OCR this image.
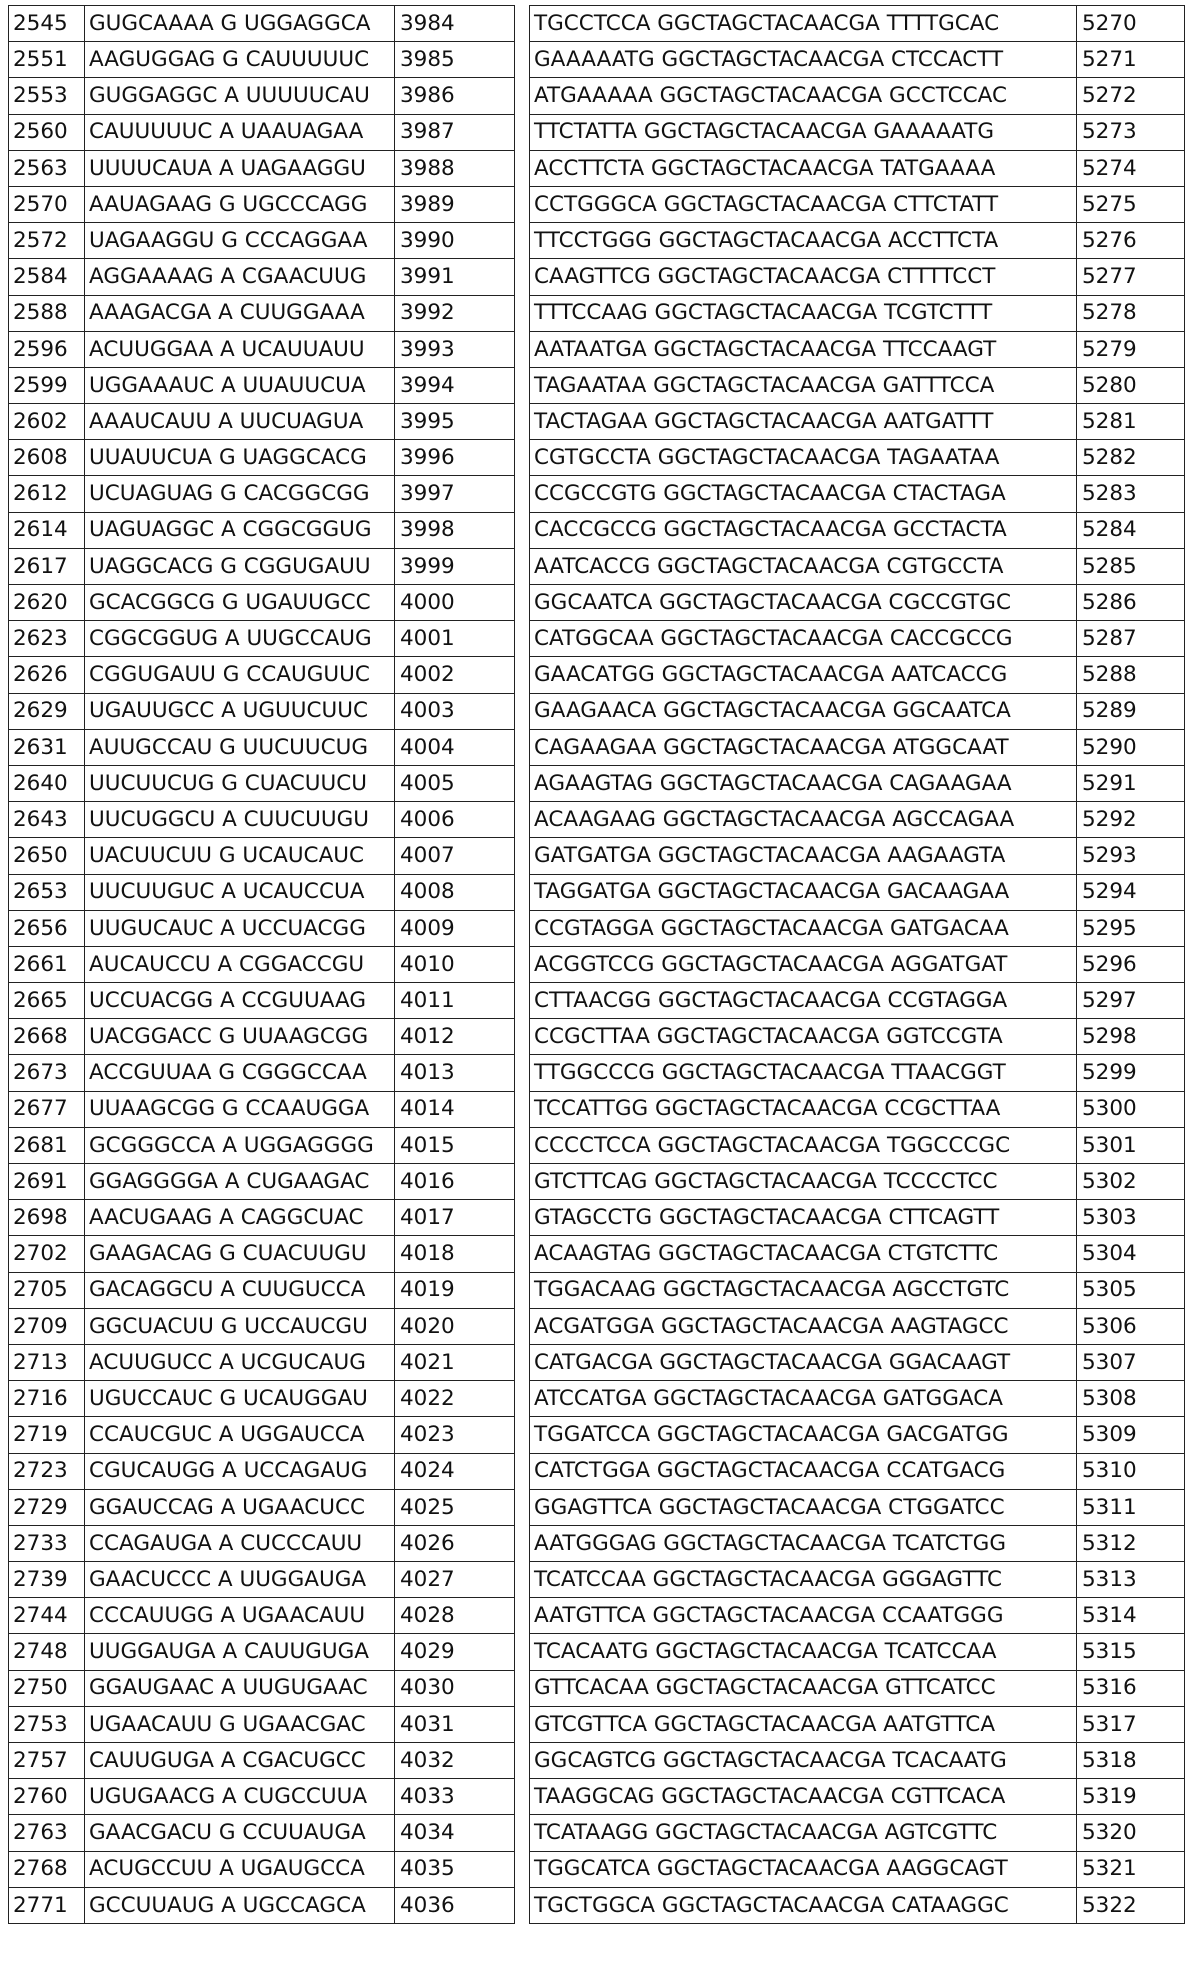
2545	GUGCAAAA G UGGAGGCA	3984		TGCCTCCA GGCTAGCTACAACGA TTTTGCAC	5270
2551	AAGUGGAG G CAUUUUUC	3985		GAAAAATG GGCTAGCTACAACGA CTCCACTT	5271
2553	GUGGAGGC A UUUUUCAU	3986		ATGAAAAA GGCTAGCTACAACGA GCCTCCAC	5272
2560	CAUUUUUC A UAAUAGAA	3987		TTCTATTA GGCTAGCTACAACGA GAAAAATG	5273
2563	UUUUCAUA A UAGAAGGU	3988		ACCTTCTA GGCTAGCTACAACGA TATGAAAA	5274
2570	AAUAGAAG G UGCCCAGG	3989		CCTGGGCA GGCTAGCTACAACGA CTTCTATT	5275
2572	UAGAAGGU G CCCAGGAA	3990		TTCCTGGG GGCTAGCTACAACGA ACCTTCTA	5276
2584	AGGAAAAG A CGAACUUG	3991		CAAGTTCG GGCTAGCTACAACGA CTTTTCCT	5277
2588	AAAGACGA A CUUGGAAA	3992		TTTCCAAG GGCTAGCTACAACGA TCGTCTTT	5278
2596	ACUUGGAA A UCAUUAUU	3993		AATAATGA GGCTAGCTACAACGA TTCCAAGT	5279
2599	UGGAAAUC A UUAUUCUA	3994		TAGAATAA GGCTAGCTACAACGA GATTTCCA	5280
2602	AAAUCAUU A UUCUAGUA	3995		TACTAGAA GGCTAGCTACAACGA AATGATTT	5281
2608	UUAUUCUA G UAGGCACG	3996		CGTGCCTA GGCTAGCTACAACGA TAGAATAA	5282
2612	UCUAGUAG G CACGGCGG	3997		CCGCCGTG GGCTAGCTACAACGA CTACTAGA	5283
2614	UAGUAGGC A CGGCGGUG	3998		CACCGCCG GGCTAGCTACAACGA GCCTACTA	5284
2617	UAGGCACG G CGGUGAUU	3999		AATCACCG GGCTAGCTACAACGA CGTGCCTA	5285
2620	GCACGGCG G UGAUUGCC	4000		GGCAATCA GGCTAGCTACAACGA CGCCGTGC	5286
2623	CGGCGGUG A UUGCCAUG	4001		CATGGCAA GGCTAGCTACAACGA CACCGCCG	5287
2626	CGGUGAUU G CCAUGUUC	4002		GAACATGG GGCTAGCTACAACGA AATCACCG	5288
2629	UGAUUGCC A UGUUCUUC	4003		GAAGAACA GGCTAGCTACAACGA GGCAATCA	5289
2631	AUUGCCAU G UUCUUCUG	4004		CAGAAGAA GGCTAGCTACAACGA ATGGCAAT	5290
2640	UUCUUCUG G CUACUUCU	4005		AGAAGTAG GGCTAGCTACAACGA CAGAAGAA	5291
2643	UUCUGGCU A CUUCUUGU	4006		ACAAGAAG GGCTAGCTACAACGA AGCCAGAA	5292
2650	UACUUCUU G UCAUCAUC	4007		GATGATGA GGCTAGCTACAACGA AAGAAGTA	5293
2653	UUCUUGUC A UCAUCCUA	4008		TAGGATGA GGCTAGCTACAACGA GACAAGAA	5294
2656	UUGUCAUC A UCCUACGG	4009		CCGTAGGA GGCTAGCTACAACGA GATGACAA	5295
2661	AUCAUCCU A CGGACCGU	4010		ACGGTCCG GGCTAGCTACAACGA AGGATGAT	5296
2665	UCCUACGG A CCGUUAAG	4011		CTTAACGG GGCTAGCTACAACGA CCGTAGGA	5297
2668	UACGGACC G UUAAGCGG	4012		CCGCTTAA GGCTAGCTACAACGA GGTCCGTA	5298
2673	ACCGUUAA G CGGGCCAA	4013		TTGGCCCG GGCTAGCTACAACGA TTAACGGT	5299
2677	UUAAGCGG G CCAAUGGA	4014		TCCATTGG GGCTAGCTACAACGA CCGCTTAA	5300
2681	GCGGGCCA A UGGAGGGG	4015		CCCCTCCA GGCTAGCTACAACGA TGGCCCGC	5301
2691	GGAGGGGA A CUGAAGAC	4016		GTCTTCAG GGCTAGCTACAACGA TCCCCTCC	5302
2698	AACUGAAG A CAGGCUAC	4017		GTAGCCTG GGCTAGCTACAACGA CTTCAGTT	5303
2702	GAAGACAG G CUACUUGU	4018		ACAAGTAG GGCTAGCTACAACGA CTGTCTTC	5304
2705	GACAGGCU A CUUGUCCA	4019		TGGACAAG GGCTAGCTACAACGA AGCCTGTC	5305
2709	GGCUACUU G UCCAUCGU	4020		ACGATGGA GGCTAGCTACAACGA AAGTAGCC	5306
2713	ACUUGUCC A UCGUCAUG	4021		CATGACGA GGCTAGCTACAACGA GGACAAGT	5307
2716	UGUCCAUC G UCAUGGAU	4022		ATCCATGA GGCTAGCTACAACGA GATGGACA	5308
2719	CCAUCGUC A UGGAUCCA	4023		TGGATCCA GGCTAGCTACAACGA GACGATGG	5309
2723	CGUCAUGG A UCCAGAUG	4024		CATCTGGA GGCTAGCTACAACGA CCATGACG	5310
2729	GGAUCCAG A UGAACUCC	4025		GGAGTTCA GGCTAGCTACAACGA CTGGATCC	5311
2733	CCAGAUGA A CUCCCAUU	4026		AATGGGAG GGCTAGCTACAACGA TCATCTGG	5312
2739	GAACUCCC A UUGGAUGA	4027		TCATCCAA GGCTAGCTACAACGA GGGAGTTC	5313
2744	CCCAUUGG A UGAACAUU	4028		AATGTTCA GGCTAGCTACAACGA CCAATGGG	5314
2748	UUGGAUGA A CAUUGUGA	4029		TCACAATG GGCTAGCTACAACGA TCATCCAA	5315
2750	GGAUGAAC A UUGUGAAC	4030		GTTCACAA GGCTAGCTACAACGA GTTCATCC	5316
2753	UGAACAUU G UGAACGAC	4031		GTCGTTCA GGCTAGCTACAACGA AATGTTCA	5317
2757	CAUUGUGA A CGACUGCC	4032		GGCAGTCG GGCTAGCTACAACGA TCACAATG	5318
2760	UGUGAACG A CUGCCUUA	4033		TAAGGCAG GGCTAGCTACAACGA CGTTCACA	5319
2763	GAACGACU G CCUUAUGA	4034		TCATAAGG GGCTAGCTACAACGA AGTCGTTC	5320
2768	ACUGCCUU A UGAUGCCA	4035		TGGCATCA GGCTAGCTACAACGA AAGGCAGT	5321
2771	GCCUUAUG A UGCCAGCA	4036		TGCTGGCA GGCTAGCTACAACGA CATAAGGC	5322
